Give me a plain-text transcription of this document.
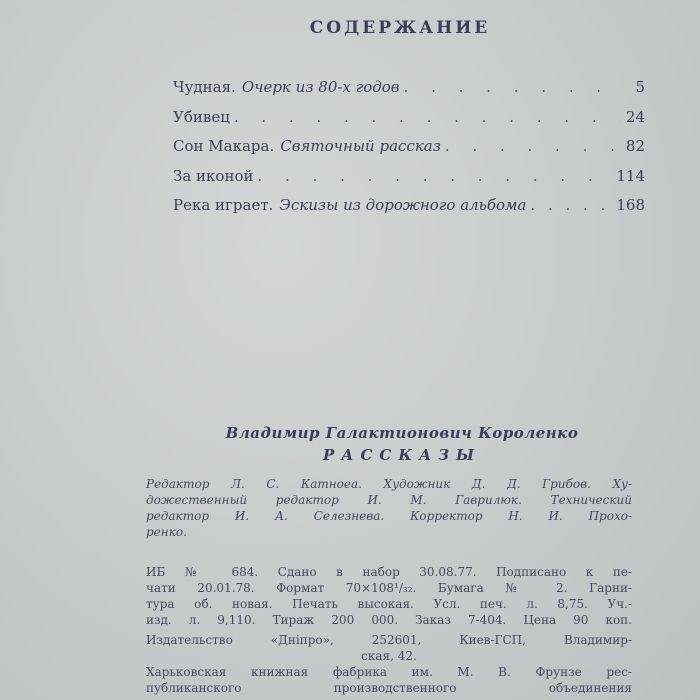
СОДЕРЖАНИЕ
Чудная. Очерк из 80-х годов . . .	5
Убивец . . .	24
Сон Макара. Святочный рассказ . . .	82
За иконой . . .	114
Река играет. Эскизы из дорожного альбома . . .	168
Владимир Галактионович Короленко
РАССКАЗЫ
Редактор Л. С. Катноеа. Художник Д. Д. Грибов. Ху-
дожественный редактор И. М. Гаврилюк. Технический
редактор И. А. Селезнева. Корректор Н. И. Прохо-
ренко.
ИБ № 684. Сдано в набор 30.08.77. Подписано к пе-
чати 20.01.78. Формат 70×108¹/₃₂. Бумага № 2. Гарни-
тура об. новая. Печать высокая. Усл. печ. л. 8,75. Уч.-
изд. л. 9,110. Тираж 200 000. Заказ 7-404. Цена 90 коп.
Издательство «Днiпро», 252601, Киев-ГСП, Владимир-
ская, 42.
Харьковская книжная фабрика им. М. В. Фрунзе рес-
публиканского производственного объединения
